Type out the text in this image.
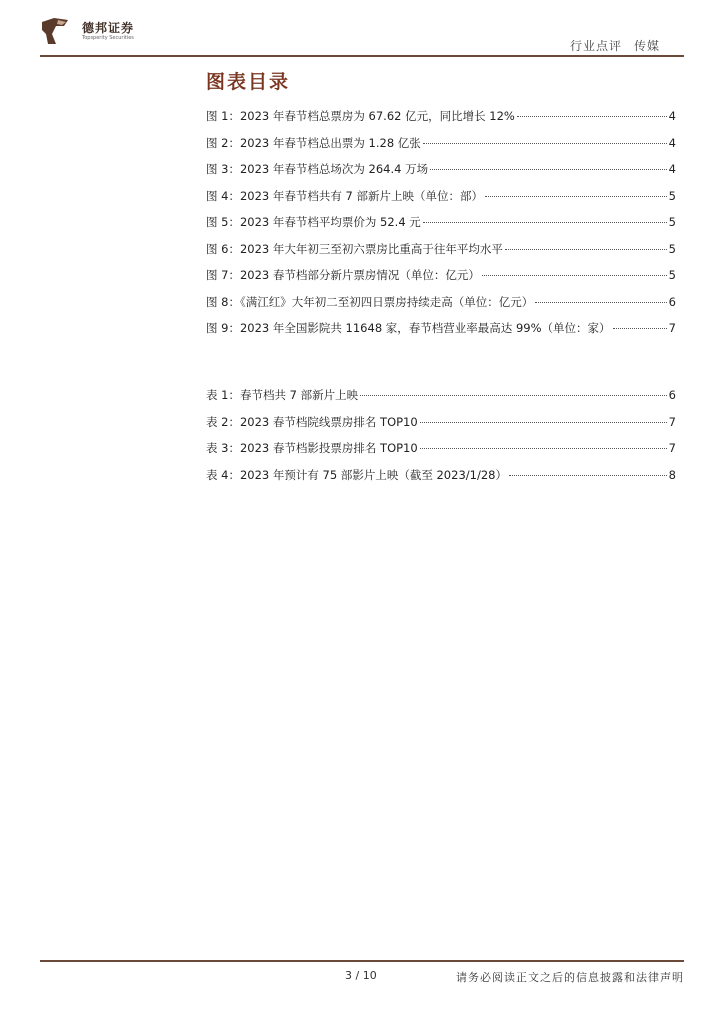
德邦证券
Topsperity Securities
行业点评 传媒
图表目录
图 1：2023 年春节档总票房为 67.62 亿元，同比增长 12%	4
图 2：2023 年春节档总出票为 1.28 亿张	4
图 3：2023 年春节档总场次为 264.4 万场	4
图 4：2023 年春节档共有 7 部新片上映（单位：部）	5
图 5：2023 年春节档平均票价为 52.4 元	5
图 6：2023 年大年初三至初六票房比重高于往年平均水平	5
图 7：2023 春节档部分新片票房情况（单位：亿元）	5
图 8：《满江红》大年初二至初四日票房持续走高（单位：亿元）	6
图 9：2023 年全国影院共 11648 家，春节档营业率最高达 99%（单位：家）	7
表 1：春节档共 7 部新片上映	6
表 2：2023 春节档院线票房排名 TOP10	7
表 3：2023 春节档影投票房排名 TOP10	7
表 4：2023 年预计有 75 部影片上映（截至 2023/1/28）	8
3 / 10	请务必阅读正文之后的信息披露和法律声明
